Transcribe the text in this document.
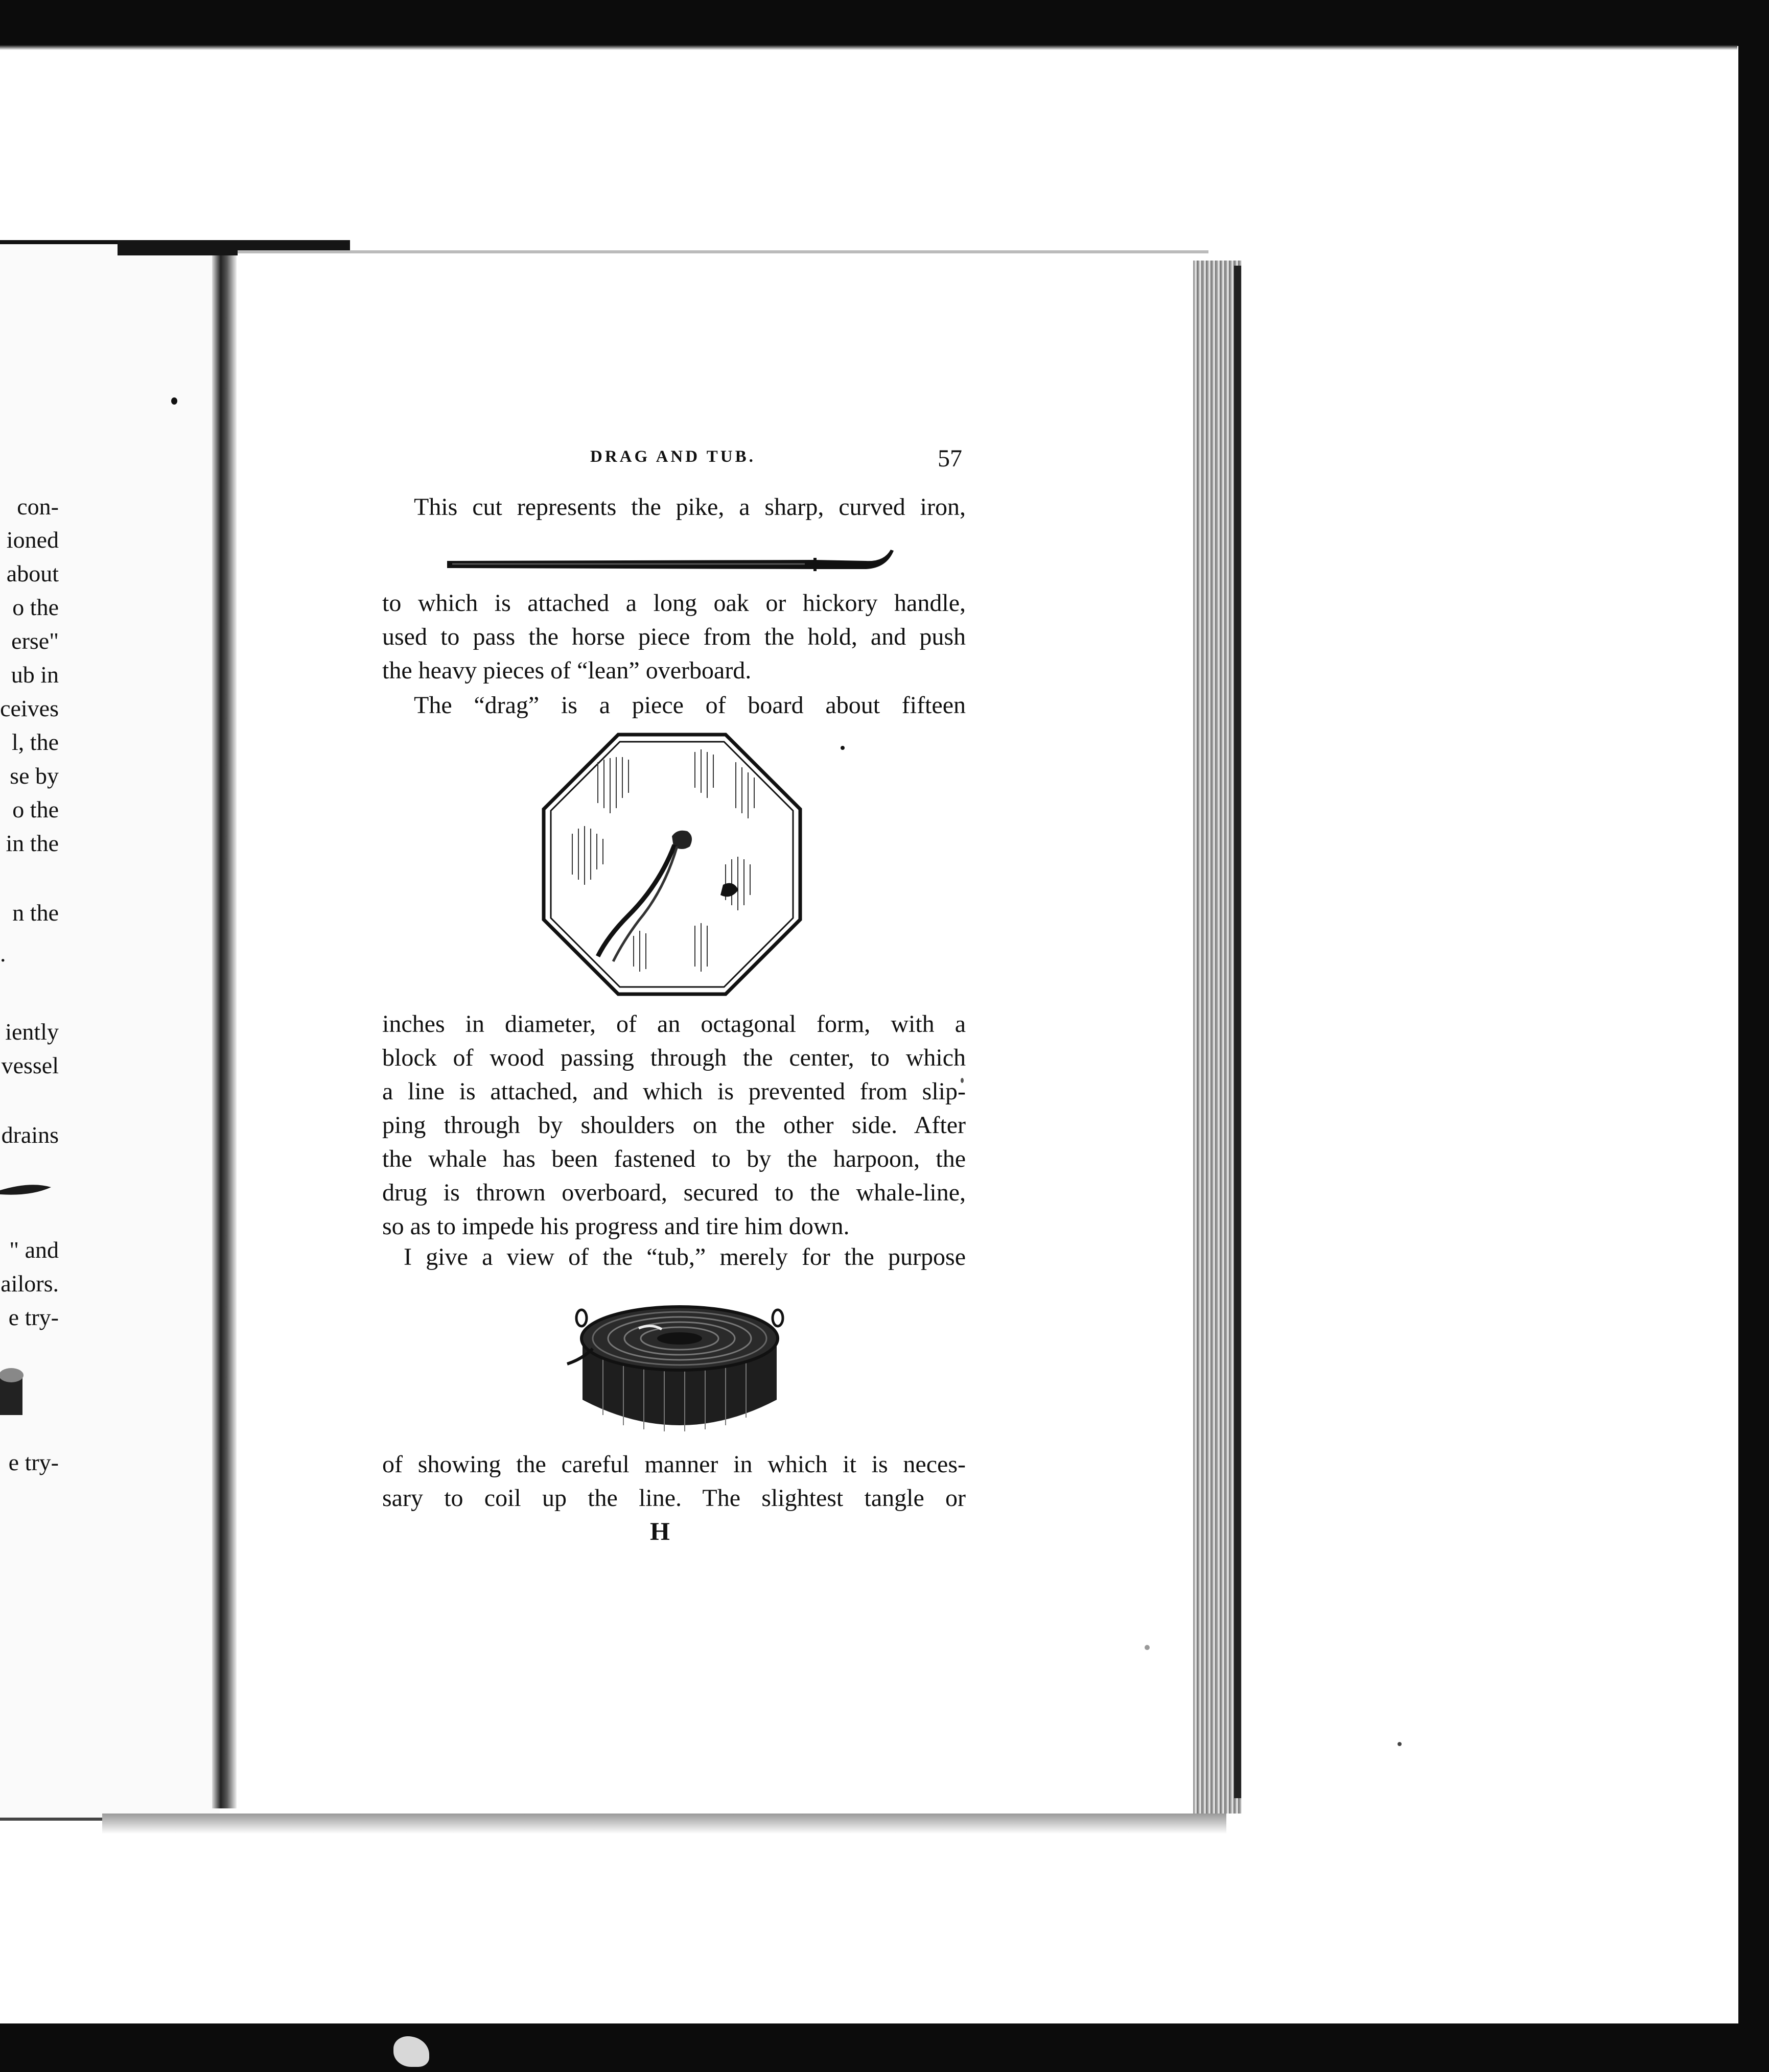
con-
ioned
about
o the
erse"
ub in
ceives
l, the
se by
o the
in the
n the
.
iently
vessel
drains
" and
ailors.
e try-
e try-
DRAG AND TUB.	57
This cut represents the pike, a sharp, curved iron,
to which is attached a long oak or hickory handle,
used to pass the horse piece from the hold, and push
the heavy pieces of “lean” overboard.
The “drag” is a piece of board about fifteen
inches in diameter, of an octagonal form, with a
block of wood passing through the center, to which
a line is attached, and which is prevented from slip-
ping through by shoulders on the other side. After
the whale has been fastened to by the harpoon, the
drug is thrown overboard, secured to the whale-line,
so as to impede his progress and tire him down.
I give a view of the “tub,” merely for the purpose
of showing the careful manner in which it is neces-
sary to coil up the line. The slightest tangle or
H
